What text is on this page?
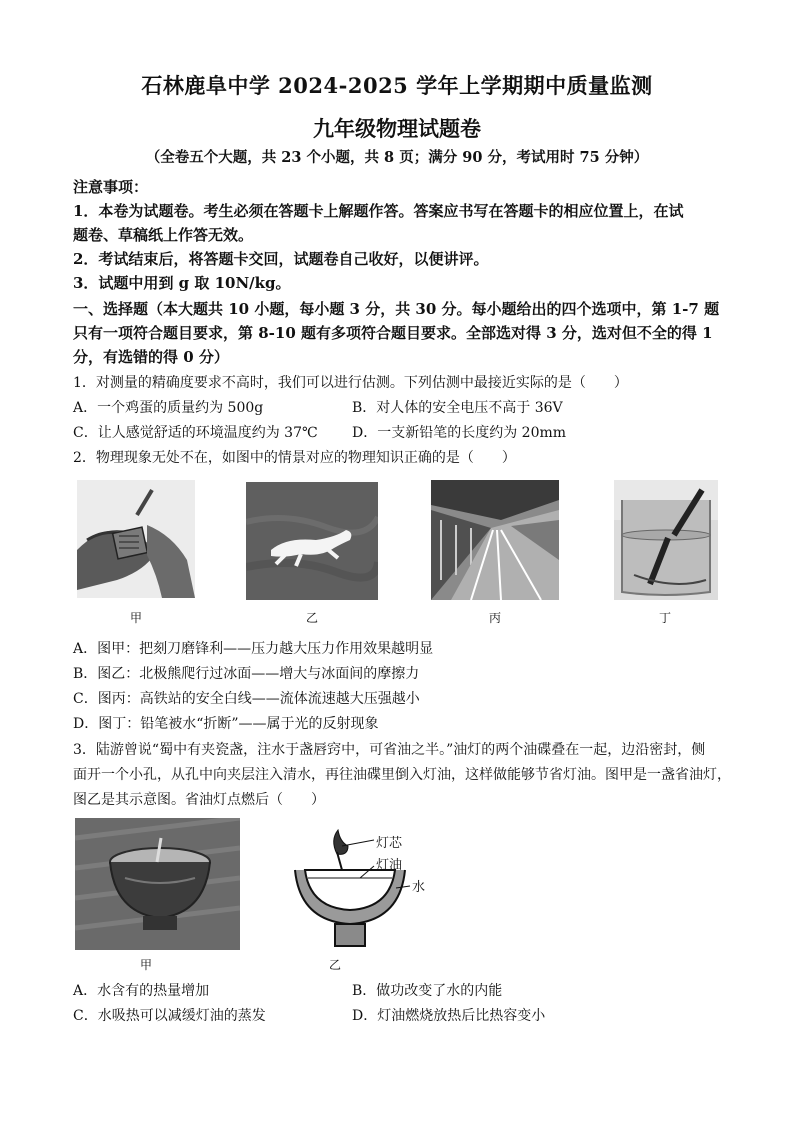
石林鹿阜中学 2024-2025 学年上学期期中质量监测
九年级物理试题卷
（全卷五个大题，共 23 个小题，共 8 页；满分 90 分，考试用时 75 分钟）
注意事项：
1．本卷为试题卷。考生必须在答题卡上解题作答。答案应书写在答题卡的相应位置上，在试
题卷、草稿纸上作答无效。
2．考试结束后，将答题卡交回，试题卷自己收好，以便讲评。
3．试题中用到 g 取 10N/kg。
一、选择题（本大题共 10 小题，每小题 3 分，共 30 分。每小题给出的四个选项中，第 1-7 题
只有一项符合题目要求，第 8-10 题有多项符合题目要求。全部选对得 3 分，选对但不全的得 1
分，有选错的得 0 分）
1．对测量的精确度要求不高时，我们可以进行估测。下列估测中最接近实际的是（　　）
A．一个鸡蛋的质量约为 500g	B．对人体的安全电压不高于 36V
C．让人感觉舒适的环境温度约为 37℃ D．一支新铅笔的长度约为 20mm
2．物理现象无处不在，如图中的情景对应的物理知识正确的是（　　）
甲	乙	丙	丁
A．图甲：把刻刀磨锋利——压力越大压力作用效果越明显
B．图乙：北极熊爬行过冰面——增大与冰面间的摩擦力
C．图丙：高铁站的安全白线——流体流速越大压强越小
D．图丁：铅笔被水“折断”——属于光的反射现象
3．陆游曾说“蜀中有夹瓷盏，注水于盏唇窍中，可省油之半。”油灯的两个油碟叠在一起，边沿密封，侧
面开一个小孔，从孔中向夹层注入清水，再往油碟里倒入灯油，这样做能够节省灯油。图甲是一盏省油灯，
图乙是其示意图。省油灯点燃后（　　）
灯芯
灯油
水
甲	乙
A．水含有的热量增加	B．做功改变了水的内能
C．水吸热可以减缓灯油的蒸发	D．灯油燃烧放热后比热容变小
